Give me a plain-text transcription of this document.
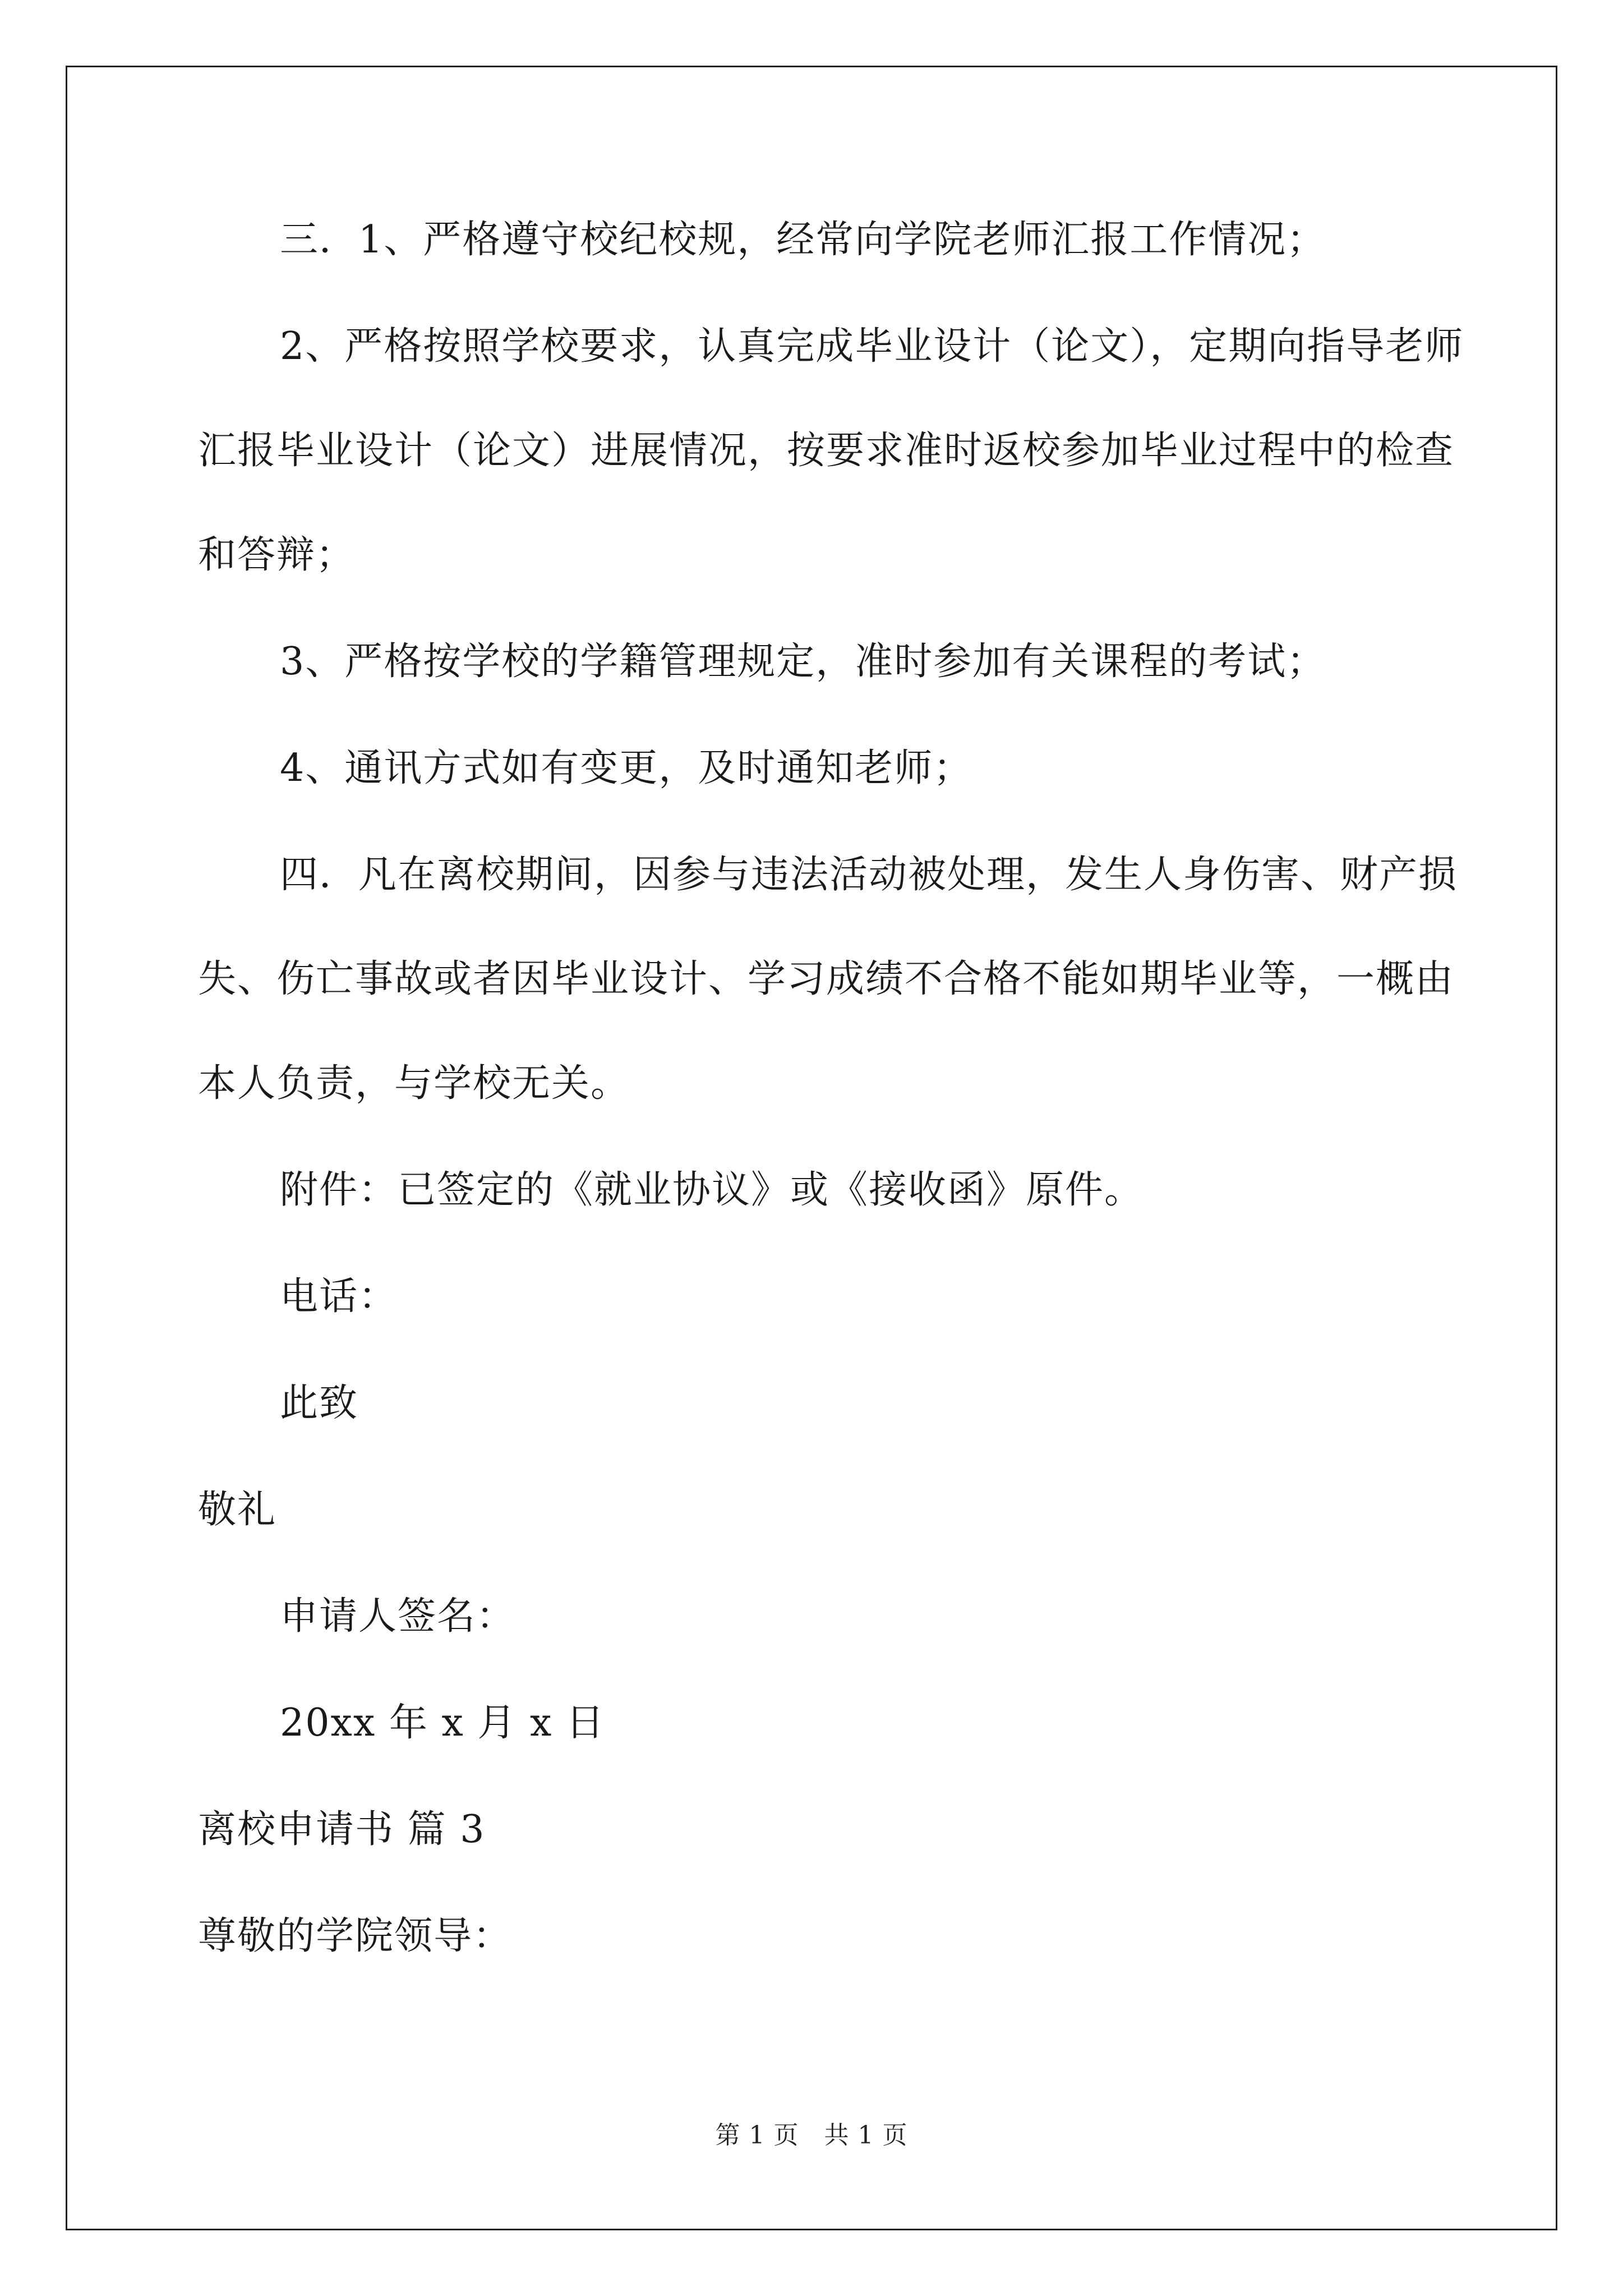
三．1、严格遵守校纪校规，经常向学院老师汇报工作情况；

2、严格按照学校要求，认真完成毕业设计（论文），定期向指导老师汇报毕业设计（论文）进展情况，按要求准时返校参加毕业过程中的检查和答辩；

3、严格按学校的学籍管理规定，准时参加有关课程的考试；

4、通讯方式如有变更，及时通知老师；

四．凡在离校期间，因参与违法活动被处理，发生人身伤害、财产损失、伤亡事故或者因毕业设计、学习成绩不合格不能如期毕业等，一概由本人负责，与学校无关。

附件：已签定的《就业协议》或《接收函》原件。

电话：

此致

敬礼

申请人签名：

20xx 年 x 月 x 日

离校申请书 篇 3

尊敬的学院领导：

第 1 页　共 1 页
